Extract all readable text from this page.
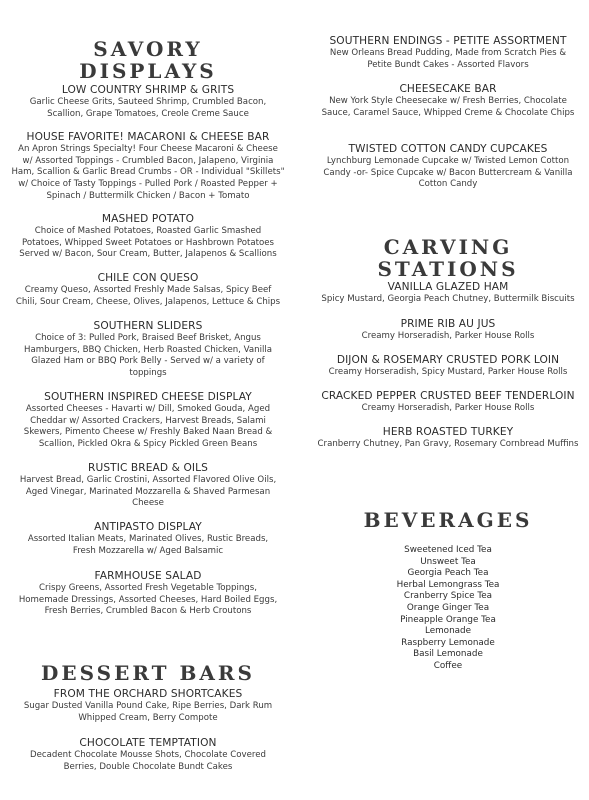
SAVORY
DISPLAYS
LOW COUNTRY SHRIMP & GRITS
Garlic Cheese Grits, Sauteed Shrimp, Crumbled Bacon,
Scallion, Grape Tomatoes, Creole Creme Sauce
HOUSE FAVORITE! MACARONI & CHEESE BAR
An Apron Strings Specialty! Four Cheese Macaroni & Cheese
w/ Assorted Toppings - Crumbled Bacon, Jalapeno, Virginia
Ham, Scallion & Garlic Bread Crumbs - OR - Individual "Skillets"
w/ Choice of Tasty Toppings - Pulled Pork / Roasted Pepper +
Spinach / Buttermilk Chicken / Bacon + Tomato
MASHED POTATO
Choice of Mashed Potatoes, Roasted Garlic Smashed
Potatoes, Whipped Sweet Potatoes or Hashbrown Potatoes
Served w/ Bacon, Sour Cream, Butter, Jalapenos & Scallions
CHILE CON QUESO
Creamy Queso, Assorted Freshly Made Salsas, Spicy Beef
Chili, Sour Cream, Cheese, Olives, Jalapenos, Lettuce & Chips
SOUTHERN SLIDERS
Choice of 3: Pulled Pork, Braised Beef Brisket, Angus
Hamburgers, BBQ Chicken, Herb Roasted Chicken, Vanilla
Glazed Ham or BBQ Pork Belly - Served w/ a variety of
toppings
SOUTHERN INSPIRED CHEESE DISPLAY
Assorted Cheeses - Havarti w/ Dill, Smoked Gouda, Aged
Cheddar w/ Assorted Crackers, Harvest Breads, Salami
Skewers, Pimento Cheese w/ Freshly Baked Naan Bread &
Scallion, Pickled Okra & Spicy Pickled Green Beans
RUSTIC BREAD & OILS
Harvest Bread, Garlic Crostini, Assorted Flavored Olive Oils,
Aged Vinegar, Marinated Mozzarella & Shaved Parmesan
Cheese
ANTIPASTO DISPLAY
Assorted Italian Meats, Marinated Olives, Rustic Breads,
Fresh Mozzarella w/ Aged Balsamic
FARMHOUSE SALAD
Crispy Greens, Assorted Fresh Vegetable Toppings,
Homemade Dressings, Assorted Cheeses, Hard Boiled Eggs,
Fresh Berries, Crumbled Bacon & Herb Croutons
DESSERT BARS
FROM THE ORCHARD SHORTCAKES
Sugar Dusted Vanilla Pound Cake, Ripe Berries, Dark Rum
Whipped Cream, Berry Compote
CHOCOLATE TEMPTATION
Decadent Chocolate Mousse Shots, Chocolate Covered
Berries, Double Chocolate Bundt Cakes
SOUTHERN ENDINGS - PETITE ASSORTMENT
New Orleans Bread Pudding, Made from Scratch Pies &
Petite Bundt Cakes - Assorted Flavors
CHEESECAKE BAR
New York Style Cheesecake w/ Fresh Berries, Chocolate
Sauce, Caramel Sauce, Whipped Creme & Chocolate Chips
TWISTED COTTON CANDY CUPCAKES
Lynchburg Lemonade Cupcake w/ Twisted Lemon Cotton
Candy -or- Spice Cupcake w/ Bacon Buttercream & Vanilla
Cotton Candy
CARVING
STATIONS
VANILLA GLAZED HAM
Spicy Mustard, Georgia Peach Chutney, Buttermilk Biscuits
PRIME RIB AU JUS
Creamy Horseradish, Parker House Rolls
DIJON & ROSEMARY CRUSTED PORK LOIN
Creamy Horseradish, Spicy Mustard, Parker House Rolls
CRACKED PEPPER CRUSTED BEEF TENDERLOIN
Creamy Horseradish, Parker House Rolls
HERB ROASTED TURKEY
Cranberry Chutney, Pan Gravy, Rosemary Cornbread Muffins
BEVERAGES
Sweetened Iced Tea
Unsweet Tea
Georgia Peach Tea
Herbal Lemongrass Tea
Cranberry Spice Tea
Orange Ginger Tea
Pineapple Orange Tea
Lemonade
Raspberry Lemonade
Basil Lemonade
Coffee
